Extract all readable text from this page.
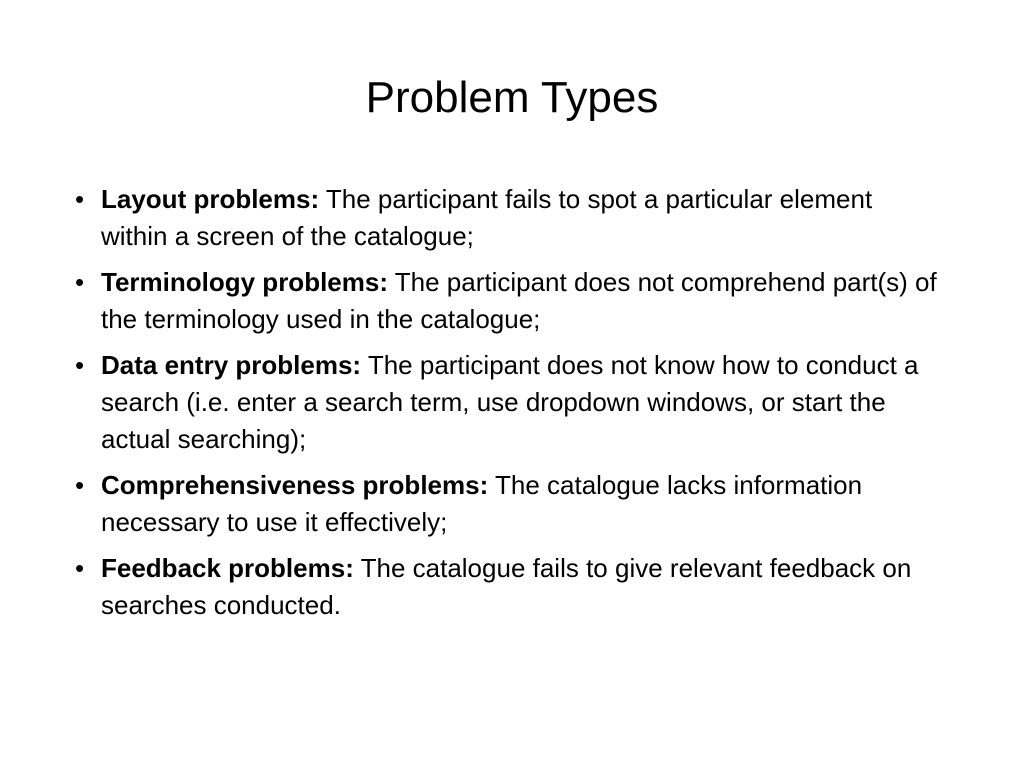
Problem Types
• Layout problems: The participant fails to spot a particular element within a screen of the catalogue;
• Terminology problems: The participant does not comprehend part(s) of the terminology used in the catalogue;
• Data entry problems: The participant does not know how to conduct a search (i.e. enter a search term, use dropdown windows, or start the actual searching);
• Comprehensiveness problems: The catalogue lacks information necessary to use it effectively;
• Feedback problems: The catalogue fails to give relevant feedback on searches conducted.
